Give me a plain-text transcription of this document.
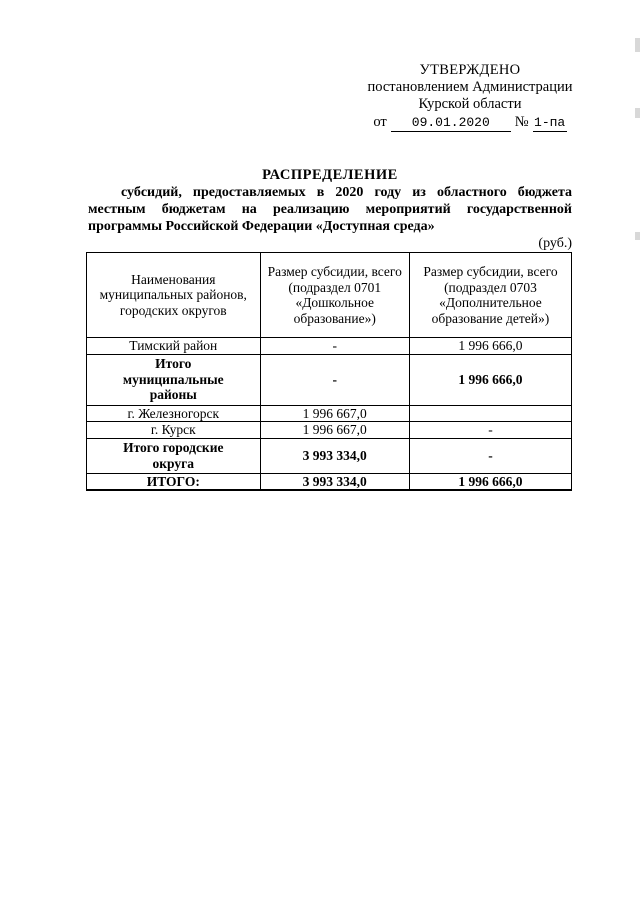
УТВЕРЖДЕНО
постановлением Администрации
Курской области
от	09.01.2020	№ 1-па
РАСПРЕДЕЛЕНИЕ
субсидий, предоставляемых в 2020 году из областного бюджета местным бюджетам на реализацию мероприятий государственной программы Российской Федерации «Доступная среда»
(руб.)
Наименования муниципальных районов, городских округов	Размер субсидии, всего (подраздел 0701 «Дошкольное образование»)	Размер субсидии, всего (подраздел 0703 «Дополнительное образование детей»)
Тимский район	-	1 996 666,0

Итого муниципальные районы	-	1 996 666,0
г. Железногорск	1 996 667,0	
г. Курск	1 996 667,0	-

Итого городские округа	3 993 334,0	-
ИТОГО:	3 993 334,0	1 996 666,0
